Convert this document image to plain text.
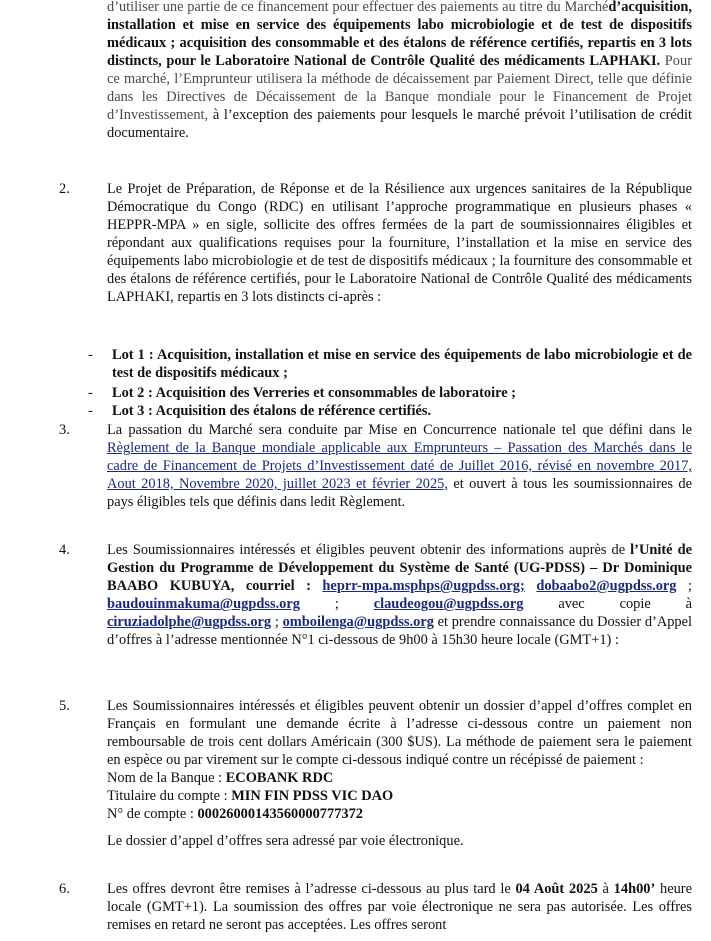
d’utiliser une partie de ce financement pour effectuer des paiements au titre du Marchéd’acquisition, installation et mise en service des équipements labo microbiologie et de test de dispositifs médicaux ; acquisition des consommable et des étalons de référence certifiés, repartis en 3 lots distincts, pour le Laboratoire National de Contrôle Qualité des médicaments LAPHAKI. Pour ce marché, l’Emprunteur utilisera la méthode de décaissement par Paiement Direct, telle que définie dans les Directives de Décaissement de la Banque mondiale pour le Financement de Projet d’Investissement, à l’exception des paiements pour lesquels le marché prévoit l’utilisation de crédit documentaire.
2.	Le Projet de Préparation, de Réponse et de la Résilience aux urgences sanitaires de la République Démocratique du Congo (RDC) en utilisant l’approche programmatique en plusieurs phases « HEPPR-MPA » en sigle, sollicite des offres fermées de la part de soumissionnaires éligibles et répondant aux qualifications requises pour la fourniture, l’installation et la mise en service des équipements labo microbiologie et de test de dispositifs médicaux ; la fourniture des consommable et des étalons de référence certifiés, pour le Laboratoire National de Contrôle Qualité des médicaments LAPHAKI, repartis en 3 lots distincts ci-après :

- Lot 1 : Acquisition, installation et mise en service des équipements de labo microbiologie et de test de dispositifs médicaux ;
- Lot 2 : Acquisition des Verreries et consommables de laboratoire ;
- Lot 3 : Acquisition des étalons de référence certifiés.
3.	La passation du Marché sera conduite par Mise en Concurrence nationale tel que défini dans le Règlement de la Banque mondiale applicable aux Emprunteurs – Passation des Marchés dans le cadre de Financement de Projets d’Investissement daté de Juillet 2016, révisé en novembre 2017, Aout 2018, Novembre 2020, juillet 2023 et février 2025, et ouvert à tous les soumissionnaires de pays éligibles tels que définis dans ledit Règlement.

4.	Les Soumissionnaires intéressés et éligibles peuvent obtenir des informations auprès de l’Unité de Gestion du Programme de Développement du Système de Santé (UG-PDSS) – Dr Dominique BAABO KUBUYA, courriel : heprr-mpa.msphps@ugpdss.org; dobaabo2@ugpdss.org ; baudouinmakuma@ugpdss.org ; claudeogou@ugpdss.org avec copie à ciruziadolphe@ugpdss.org ; omboilenga@ugpdss.org et prendre connaissance du Dossier d’Appel d’offres à l’adresse mentionnée N°1 ci-dessous de 9h00 à 15h30 heure locale (GMT+1) :

5.	Les Soumissionnaires intéressés et éligibles peuvent obtenir un dossier d’appel d’offres complet en Français en formulant une demande écrite à l’adresse ci-dessous contre un paiement non remboursable de trois cent dollars Américain (300 $US). La méthode de paiement sera le paiement en espèce ou par virement sur le compte ci-dessous indiqué contre un récépissé de paiement :

Nom de la Banque : ECOBANK RDC

Titulaire du compte : MIN FIN PDSS VIC DAO

N° de compte : 00026000143560000777372

Le dossier d’appel d’offres sera adressé par voie électronique.

6.	Les offres devront être remises à l’adresse ci-dessous au plus tard le 04 Août 2025 à 14h00’ heure locale (GMT+1). La soumission des offres par voie électronique ne sera pas autorisée. Les offres remises en retard ne seront pas acceptées. Les offres seront
